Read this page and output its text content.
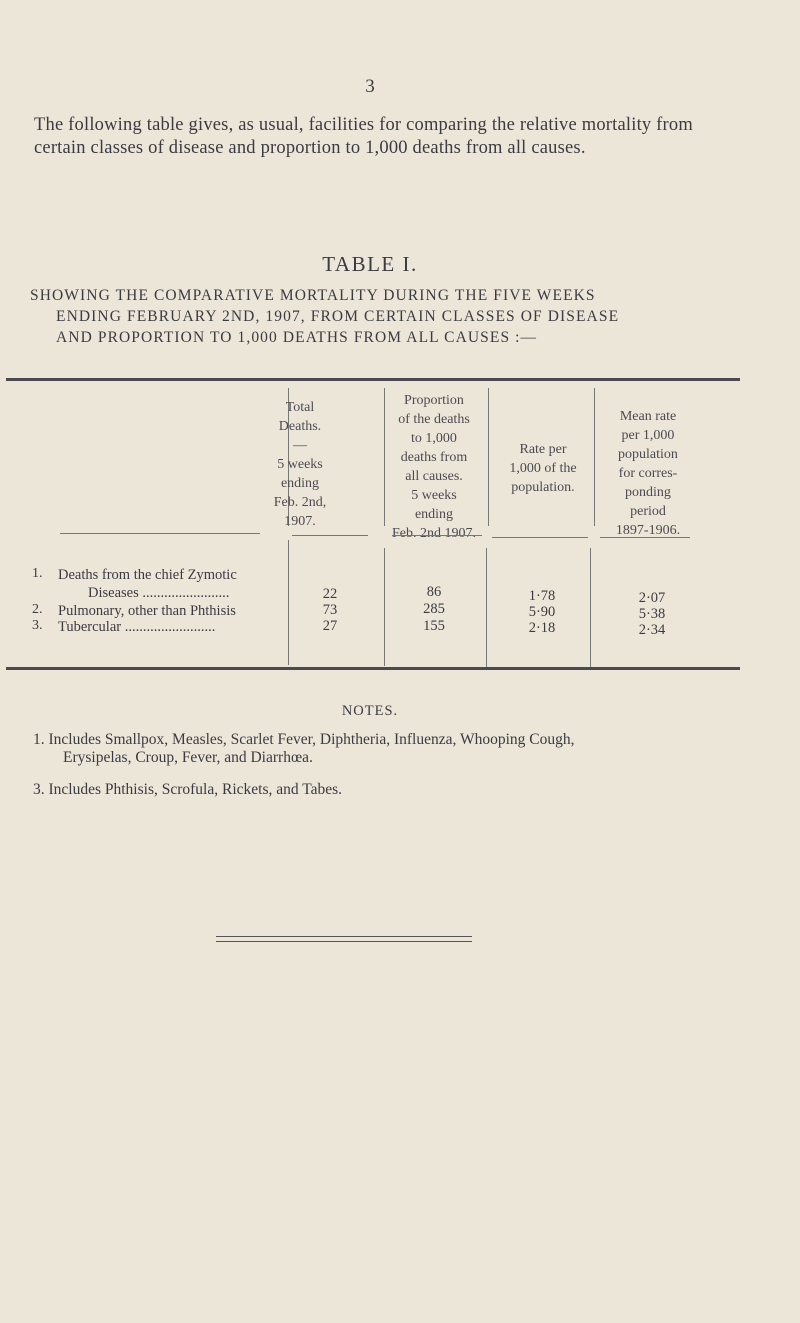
3
The following table gives, as usual, facilities for comparing the relative mortality from certain classes of disease and proportion to 1,000 deaths from all causes.
TABLE I.
SHOWING THE COMPARATIVE MORTALITY DURING THE FIVE WEEKS
ENDING FEBRUARY 2ND, 1907, FROM CERTAIN CLASSES OF DISEASE
AND PROPORTION TO 1,000 DEATHS FROM ALL CAUSES :—
Total
Deaths.
—
5 weeks
ending
Feb. 2nd,
1907.
Proportion
of the deaths
to 1,000
deaths from
all causes.
5 weeks
ending
Feb. 2nd 1907.
Rate per
1,000 of the
population.
Mean rate
per 1,000
population
for corres-
ponding
period
1897-1906.
1. Deaths from the chief Zymotic
Diseases ........................	22	86	1·78	2·07
2. Pulmonary, other than Phthisis	73	285	5·90	5·38
3. Tubercular .........................	27	155	2·18	2·34
NOTES.
1. Includes Smallpox, Measles, Scarlet Fever, Diphtheria, Influenza, Whooping Cough,
Erysipelas, Croup, Fever, and Diarrhœa.
3. Includes Phthisis, Scrofula, Rickets, and Tabes.
